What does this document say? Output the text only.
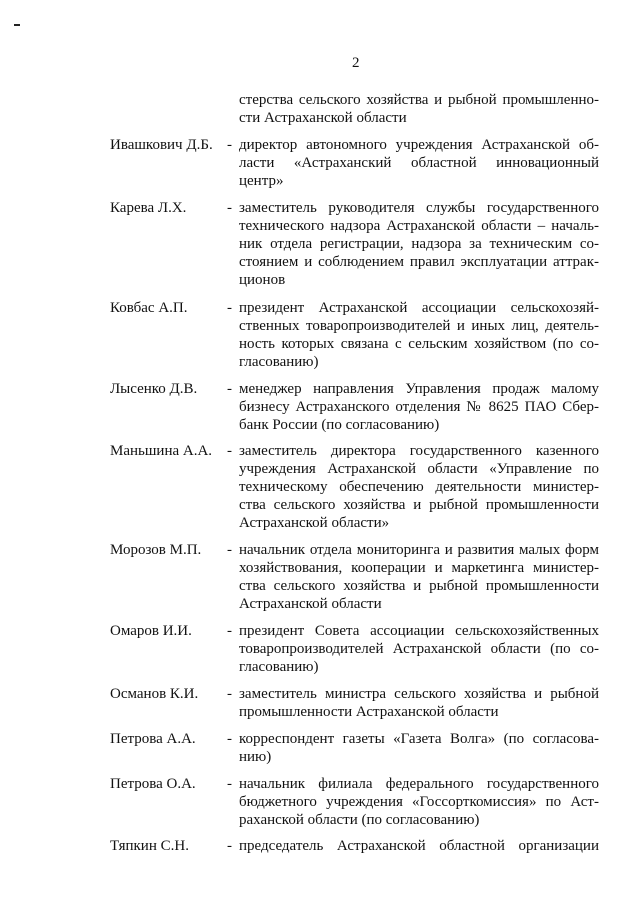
2
стерства сельского хозяйства и рыбной промышленно-
сти Астраханской области
Ивашкович Д.Б. - директор автономного учреждения Астраханской об-
ласти «Астраханский областной инновационный
центр»
Карева Л.Х.	- заместитель руководителя службы государственного
технического надзора Астраханской области – началь-
ник отдела регистрации, надзора за техническим со-
стоянием и соблюдением правил эксплуатации аттрак-
ционов
Ковбас А.П.	- президент Астраханской ассоциации сельскохозяй-
ственных товаропроизводителей и иных лиц, деятель-
ность которых связана с сельским хозяйством (по со-
гласованию)
Лысенко Д.В. - менеджер направления Управления продаж малому
бизнесу Астраханского отделения № 8625 ПАО Сбер-
банк России (по согласованию)
Маньшина А.А. - заместитель директора государственного казенного
учреждения Астраханской области «Управление по
техническому обеспечению деятельности министер-
ства сельского хозяйства и рыбной промышленности
Астраханской области»
Морозов М.П. - начальник отдела мониторинга и развития малых форм
хозяйствования, кооперации и маркетинга министер-
ства сельского хозяйства и рыбной промышленности
Астраханской области
Омаров И.И. - президент Совета ассоциации сельскохозяйственных
товаропроизводителей Астраханской области (по со-
гласованию)
Османов К.И. - заместитель министра сельского хозяйства и рыбной
промышленности Астраханской области
Петрова А.А. - корреспондент газеты «Газета Волга» (по согласова-
нию)
Петрова О.А. - начальник филиала федерального государственного
бюджетного учреждения «Госсорткомиссия» по Аст-
раханской области (по согласованию)
Тяпкин С.Н.	- председатель Астраханской областной организации
